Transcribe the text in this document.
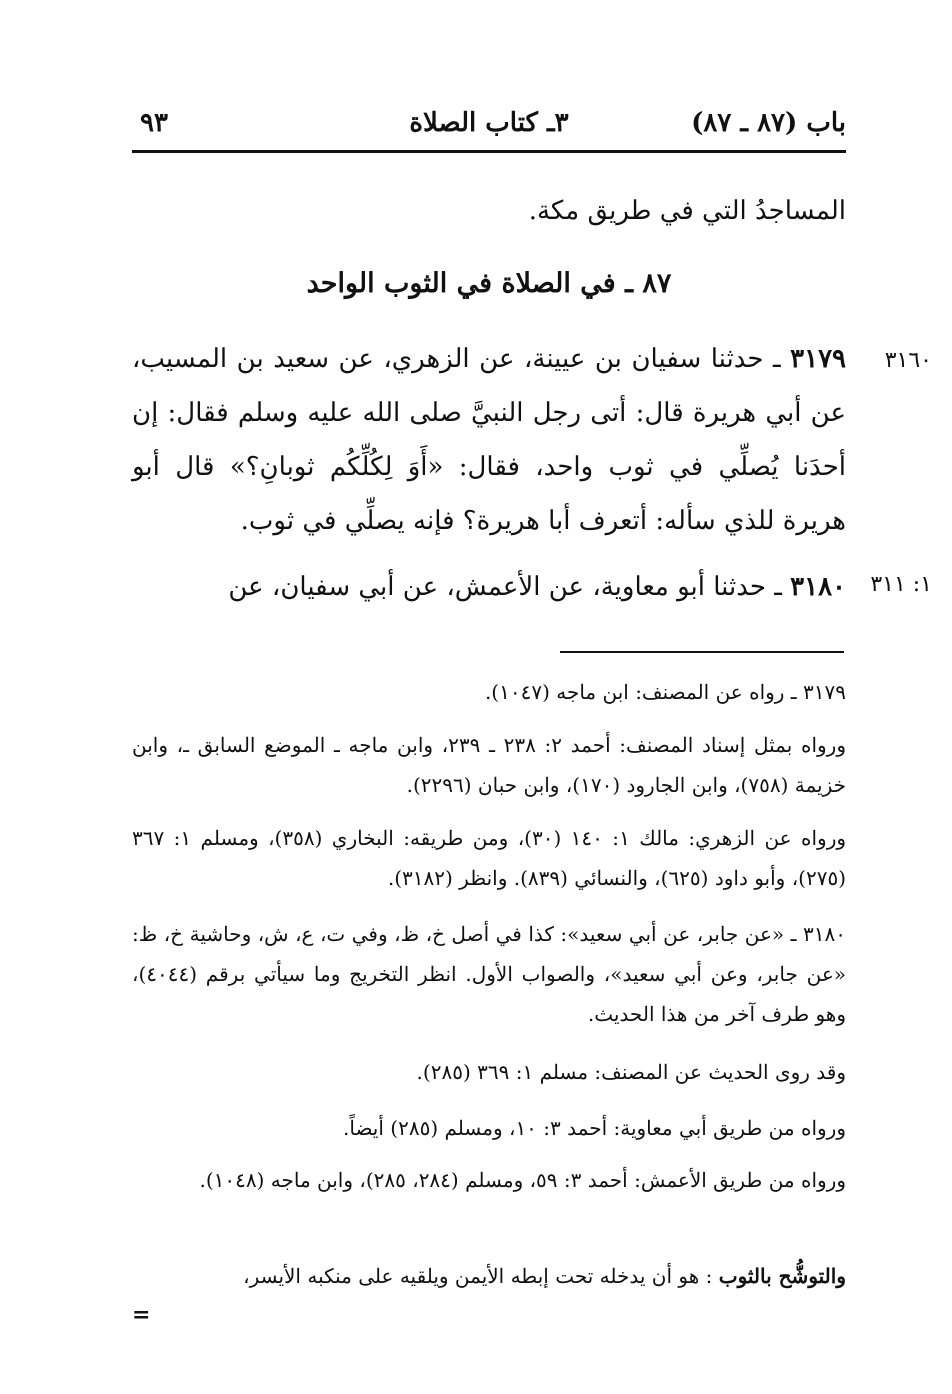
باب (٨٧ ـ ٨٧)
٣ـ كتاب الصلاة
٩٣
المساجدُ التي في طريق مكة.
٨٧ ـ في الصلاة في الثوب الواحد
٣١٦٠
٣١٧٩ ـ حدثنا سفيان بن عيينة، عن الزهري، عن سعيد بن المسيب، عن أبي هريرة قال: أتى رجل النبيَّ صلى الله عليه وسلم فقال: إن أحدَنا يُصلِّي في ثوب واحد، فقال: «أَوَ لِكُلِّكُم ثوبانِ؟» قال أبو هريرة للذي سأله: أتعرف أبا هريرة؟ فإنه يصلِّي في ثوب.
١: ٣١١
٣١٨٠ ـ حدثنا أبو معاوية، عن الأعمش، عن أبي سفيان، عن
٣١٧٩ ـ رواه عن المصنف: ابن ماجه (١٠٤٧).
ورواه بمثل إسناد المصنف: أحمد ٢: ٢٣٨ ـ ٢٣٩، وابن ماجه ـ الموضع السابق ـ، وابن خزيمة (٧٥٨)، وابن الجارود (١٧٠)، وابن حبان (٢٢٩٦).
ورواه عن الزهري: مالك ١: ١٤٠ (٣٠)، ومن طريقه: البخاري (٣٥٨)، ومسلم ١: ٣٦٧ (٢٧٥)، وأبو داود (٦٢٥)، والنسائي (٨٣٩). وانظر (٣١٨٢).
٣١٨٠ ـ «عن جابر، عن أبي سعيد»: كذا في أصل خ، ظ، وفي ت، ع، ش، وحاشية خ، ظ: «عن جابر، وعن أبي سعيد»، والصواب الأول. انظر التخريج وما سيأتي برقم (٤٠٤٤)، وهو طرف آخر من هذا الحديث.
وقد روى الحديث عن المصنف: مسلم ١: ٣٦٩ (٢٨٥).
ورواه من طريق أبي معاوية: أحمد ٣: ١٠، ومسلم (٢٨٥) أيضاً.
ورواه من طريق الأعمش: أحمد ٣: ٥٩، ومسلم (٢٨٤، ٢٨٥)، وابن ماجه (١٠٤٨).
والتوشُّح بالثوب : هو أن يدخله تحت إبطه الأيمن ويلقيه على منكبه الأيسر،
=
